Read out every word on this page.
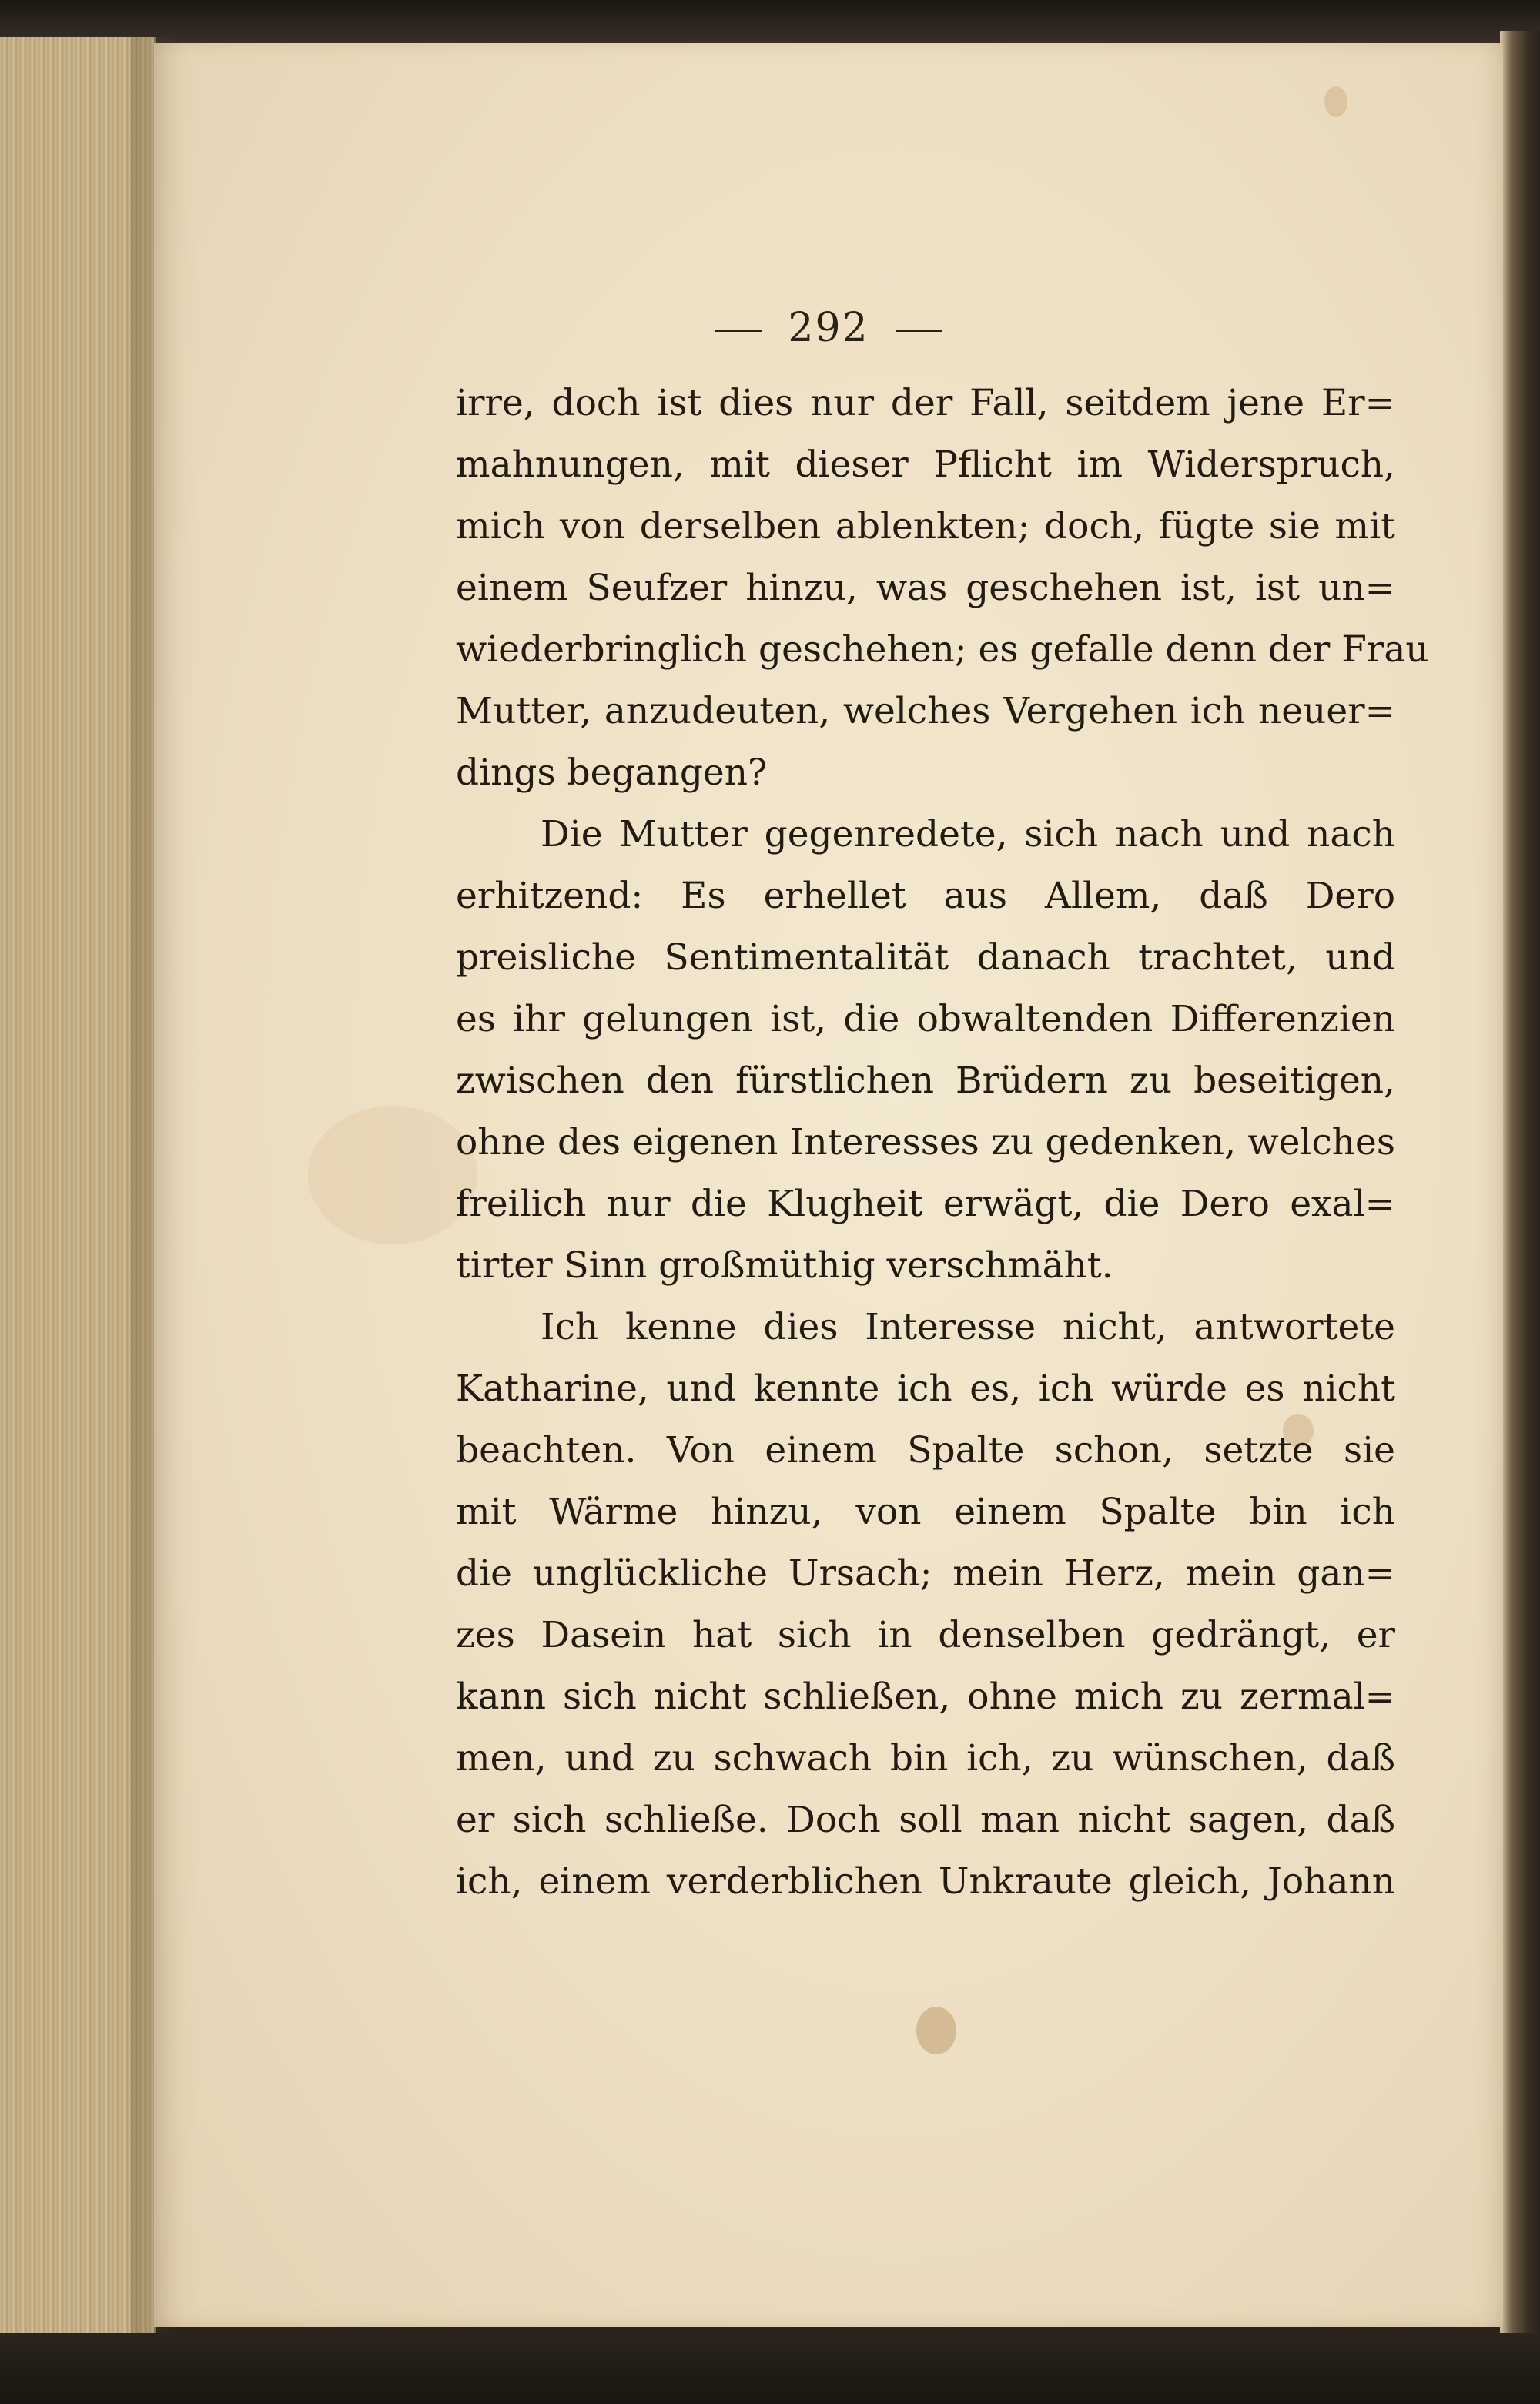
292
irre, doch ist dies nur der Fall, seitdem jene Er=
mahnungen, mit dieser Pflicht im Widerspruch,
mich von derselben ablenkten; doch, fügte sie mit
einem Seufzer hinzu, was geschehen ist, ist un=
wiederbringlich geschehen; es gefalle denn der Frau
Mutter, anzudeuten, welches Vergehen ich neuer=
dings begangen?
Die Mutter gegenredete, sich nach und nach
erhitzend: Es erhellet aus Allem, daß Dero
preisliche Sentimentalität danach trachtet, und
es ihr gelungen ist, die obwaltenden Differenzien
zwischen den fürstlichen Brüdern zu beseitigen,
ohne des eigenen Interesses zu gedenken, welches
freilich nur die Klugheit erwägt, die Dero exal=
tirter Sinn großmüthig verschmäht.
Ich kenne dies Interesse nicht, antwortete
Katharine, und kennte ich es, ich würde es nicht
beachten. Von einem Spalte schon, setzte sie
mit Wärme hinzu, von einem Spalte bin ich
die unglückliche Ursach; mein Herz, mein gan=
zes Dasein hat sich in denselben gedrängt, er
kann sich nicht schließen, ohne mich zu zermal=
men, und zu schwach bin ich, zu wünschen, daß
er sich schließe. Doch soll man nicht sagen, daß
ich, einem verderblichen Unkraute gleich, Johann
